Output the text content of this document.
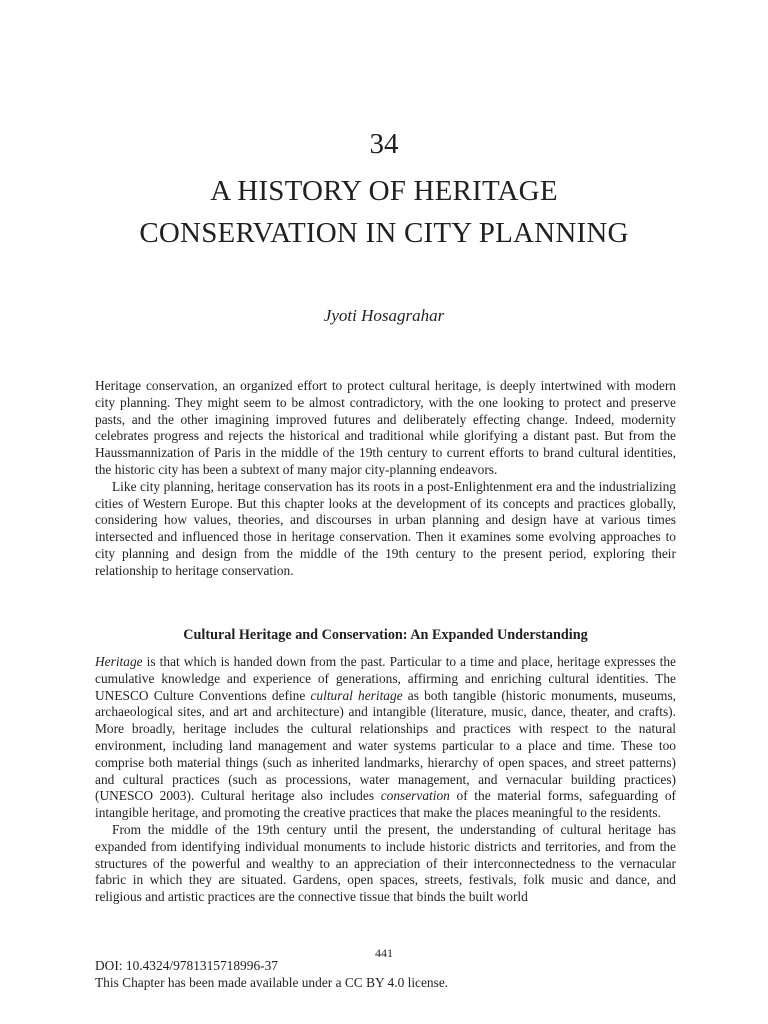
34
A HISTORY OF HERITAGE CONSERVATION IN CITY PLANNING
Jyoti Hosagrahar

Heritage conservation, an organized effort to protect cultural heritage, is deeply intertwined with modern city planning. They might seem to be almost contradictory, with the one looking to protect and preserve pasts, and the other imagining improved futures and deliberately effecting change. Indeed, modernity celebrates progress and rejects the historical and traditional while glorifying a distant past. But from the Haussmannization of Paris in the middle of the 19th century to current efforts to brand cultural identities, the historic city has been a subtext of many major city-planning endeavors.

Like city planning, heritage conservation has its roots in a post-Enlightenment era and the industrializing cities of Western Europe. But this chapter looks at the development of its concepts and practices globally, considering how values, theories, and discourses in urban planning and design have at various times intersected and influenced those in heritage conservation. Then it examines some evolving approaches to city planning and design from the middle of the 19th century to the present period, exploring their relationship to heritage conservation.

Cultural Heritage and Conservation: An Expanded Understanding

Heritage is that which is handed down from the past. Particular to a time and place, heritage expresses the cumulative knowledge and experience of generations, affirming and enriching cultural identities. The UNESCO Culture Conventions define cultural heritage as both tangible (historic monuments, museums, archaeological sites, and art and architecture) and intangible (literature, music, dance, theater, and crafts). More broadly, heritage includes the cultural relationships and practices with respect to the natural environment, including land management and water systems particular to a place and time. These too comprise both material things (such as inherited landmarks, hierarchy of open spaces, and street patterns) and cultural practices (such as processions, water management, and vernacular building practices) (UNESCO 2003). Cultural heritage also includes conservation of the material forms, safeguarding of intangible heritage, and promoting the creative practices that make the places meaningful to the residents.

From the middle of the 19th century until the present, the understanding of cultural heritage has expanded from identifying individual monuments to include historic districts and territories, and from the structures of the powerful and wealthy to an appreciation of their interconnectedness to the vernacular fabric in which they are situated. Gardens, open spaces, streets, festivals, folk music and dance, and religious and artistic practices are the connective tissue that binds the built world

441
DOI: 10.4324/9781315718996-37
This Chapter has been made available under a CC BY 4.0 license.
